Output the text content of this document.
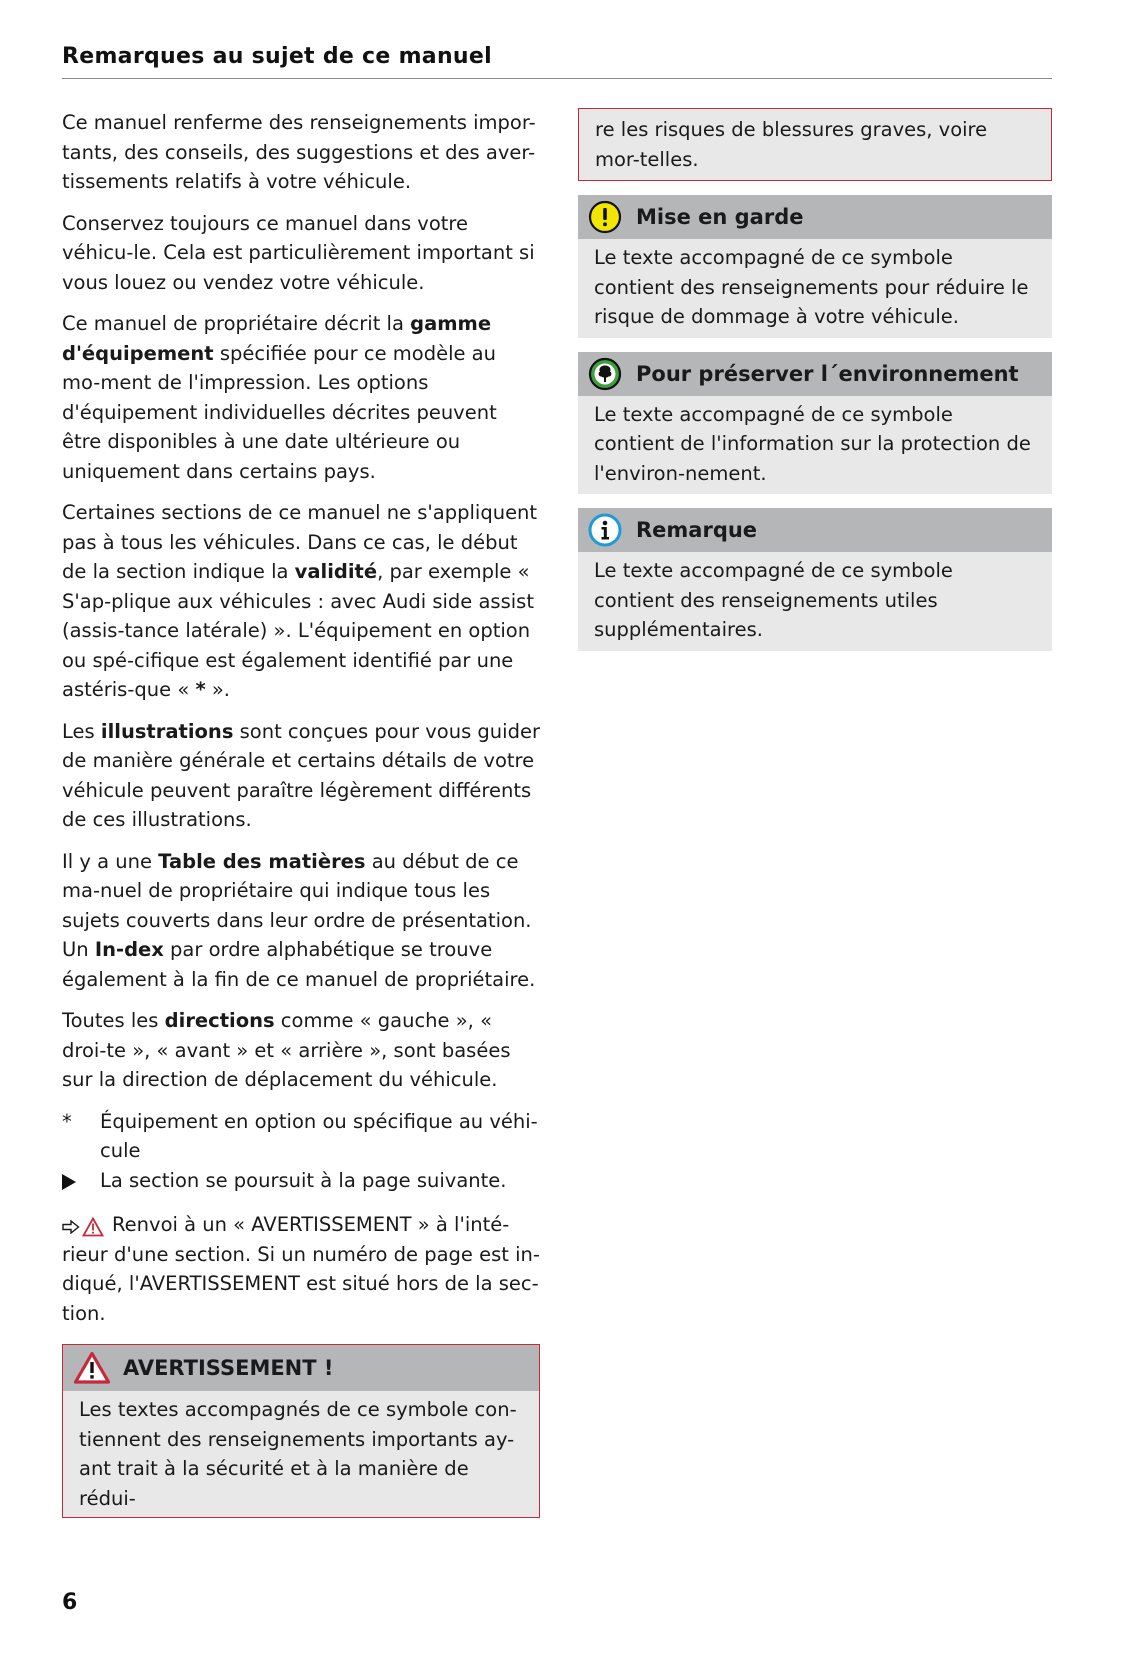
Remarques au sujet de ce manuel

Ce manuel renferme des renseignements impor-tants, des conseils, des suggestions et des aver-tissements relatifs à votre véhicule.

Conservez toujours ce manuel dans votre véhicu-le. Cela est particulièrement important si vous louez ou vendez votre véhicule.

Ce manuel de propriétaire décrit la gamme d'équipement spécifiée pour ce modèle au mo-ment de l'impression. Les options d'équipement individuelles décrites peuvent être disponibles à une date ultérieure ou uniquement dans certains pays.

Certaines sections de ce manuel ne s'appliquent pas à tous les véhicules. Dans ce cas, le début de la section indique la validité, par exemple « S'ap-plique aux véhicules : avec Audi side assist (assis-tance latérale) ». L'équipement en option ou spé-cifique est également identifié par une astéris-que « * ».

Les illustrations sont conçues pour vous guider de manière générale et certains détails de votre véhicule peuvent paraître légèrement différents de ces illustrations.

Il y a une Table des matières au début de ce ma-nuel de propriétaire qui indique tous les sujets couverts dans leur ordre de présentation. Un In-dex par ordre alphabétique se trouve également à la fin de ce manuel de propriétaire.

Toutes les directions comme « gauche », « droi-te », « avant » et « arrière », sont basées sur la direction de déplacement du véhicule.

*	Équipement en option ou spécifique au véhi-cule
La section se poursuit à la page suivante.

Renvoi à un « AVERTISSEMENT » à l'inté-rieur d'une section. Si un numéro de page est in-diqué, l'AVERTISSEMENT est situé hors de la sec-tion.

AVERTISSEMENT !
Les textes accompagnés de ce symbole con-tiennent des renseignements importants ay-ant trait à la sécurité et à la manière de rédui-
re les risques de blessures graves, voire mor-telles.
Mise en garde
Le texte accompagné de ce symbole contient des renseignements pour réduire le risque de dommage à votre véhicule.
Pour préserver l´environnement
Le texte accompagné de ce symbole contient de l'information sur la protection de l'environ-nement.
Remarque
Le texte accompagné de ce symbole contient des renseignements utiles supplémentaires.
6
